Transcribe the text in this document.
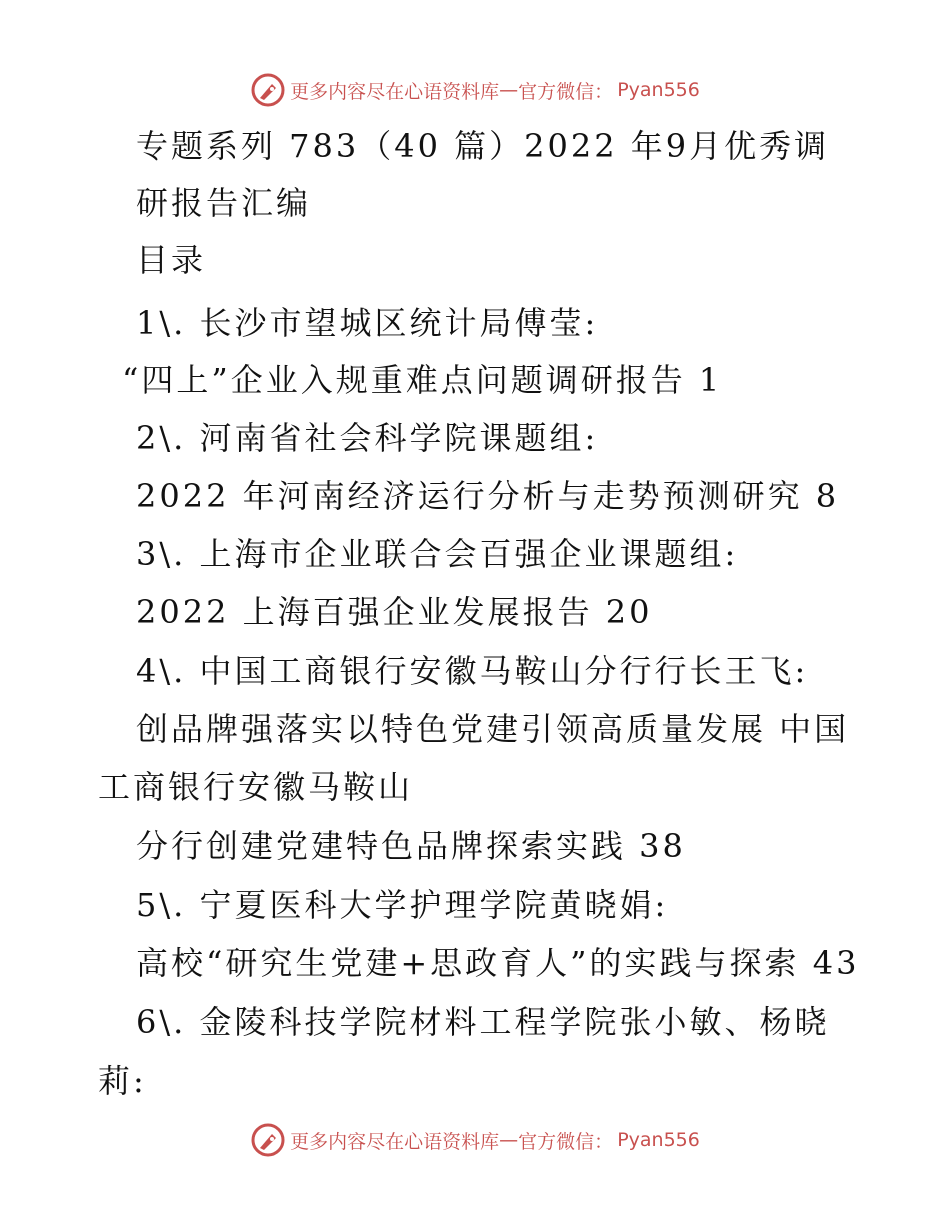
更多内容尽在心语资料库 — 官方微信： Pyan556
专题系列 783（40 篇）2022 年9月优秀调
研报告汇编
目录
1\. 长沙市望城区统计局傅莹:
“四上”企业入规重难点问题调研报告 1
2\. 河南省社会科学院课题组:
2022 年河南经济运行分析与走势预测研究 8
3\. 上海市企业联合会百强企业课题组:
2022 上海百强企业发展报告 20
4\. 中国工商银行安徽马鞍山分行行长王飞:
创品牌强落实以特色党建引领高质量发展 中国
工商银行安徽马鞍山
分行创建党建特色品牌探索实践 38
5\. 宁夏医科大学护理学院黄晓娟:
高校“研究生党建+思政育人”的实践与探索 43
6\. 金陵科技学院材料工程学院张小敏、杨晓
莉:
更多内容尽在心语资料库 — 官方微信： Pyan556
